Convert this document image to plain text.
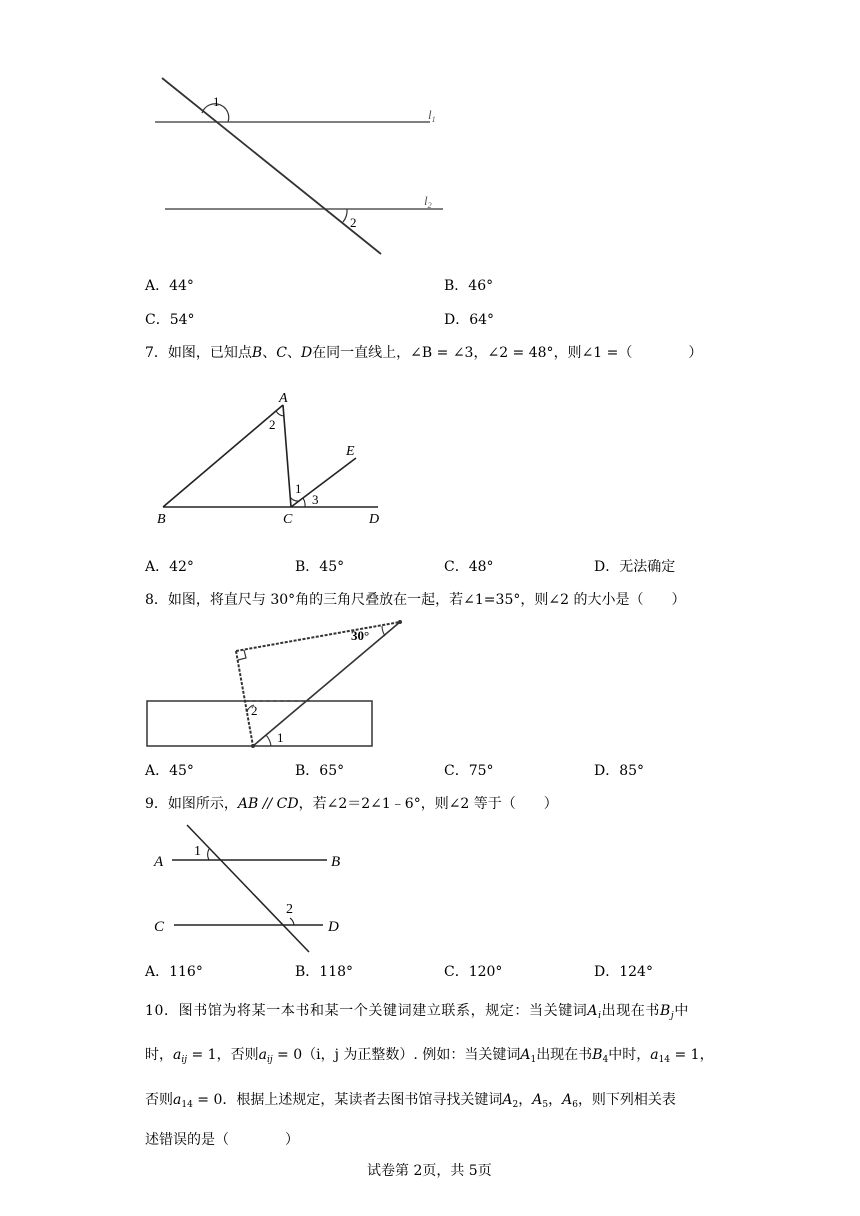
1
2
$l_1$
$l_2$
A．44°	B．46°
C．54°	D．64°
7．如图，已知点B、C、D在同一直线上，∠B = ∠3，∠2 = 48°，则∠1 =（　　　　）
A
B	C	D
E
2
1
3
A．42°	B．45°	C．48°	D．无法确定
8．如图，将直尺与 30°角的三角尺叠放在一起，若∠1=35°，则∠2 的大小是（　　）
30°
2
1
A．45°	B．65°	C．75°	D．85°
9．如图所示，AB // CD，若∠2＝2∠1﹣6°，则∠2 等于（　　）
A	B
C	D
1
2
A．116°	B．118°	C．120°	D．124°
10．图书馆为将某一本书和某一个关键词建立联系，规定：当关键词$A_i$出现在书$B_j$中
时，$a_{ij} = 1$，否则$a_{ij} = 0(i$，j 为正整数）. 例如：当关键词$A_1$出现在书$B_4$中时，$a_{14} = 1$，
否则$a_{14} = 0$．根据上述规定，某读者去图书馆寻找关键词$A_2$，$A_5$，$A_6$，则下列相关表
述错误的是（　　　　）
试卷第 2页，共 5页
